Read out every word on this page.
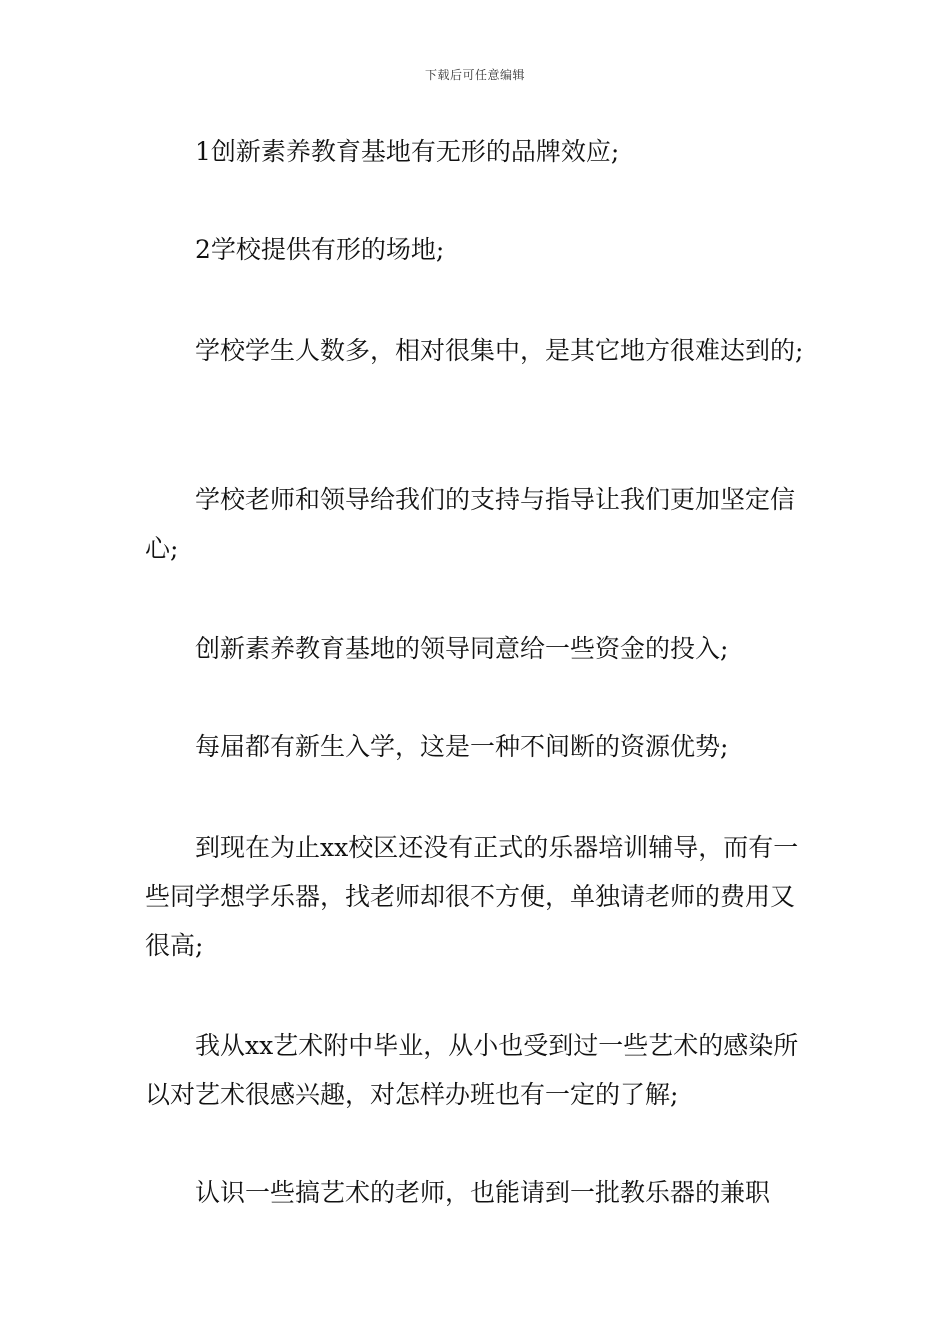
下载后可任意编辑

1创新素养教育基地有无形的品牌效应;

2学校提供有形的场地;

学校学生人数多，相对很集中，是其它地方很难达到的;

学校老师和领导给我们的支持与指导让我们更加坚定信心;

创新素养教育基地的领导同意给一些资金的投入;

每届都有新生入学，这是一种不间断的资源优势;

到现在为止xx校区还没有正式的乐器培训辅导，而有一些同学想学乐器，找老师却很不方便，单独请老师的费用又很高;

我从xx艺术附中毕业，从小也受到过一些艺术的感染所以对艺术很感兴趣，对怎样办班也有一定的了解;

认识一些搞艺术的老师，也能请到一批教乐器的兼职
